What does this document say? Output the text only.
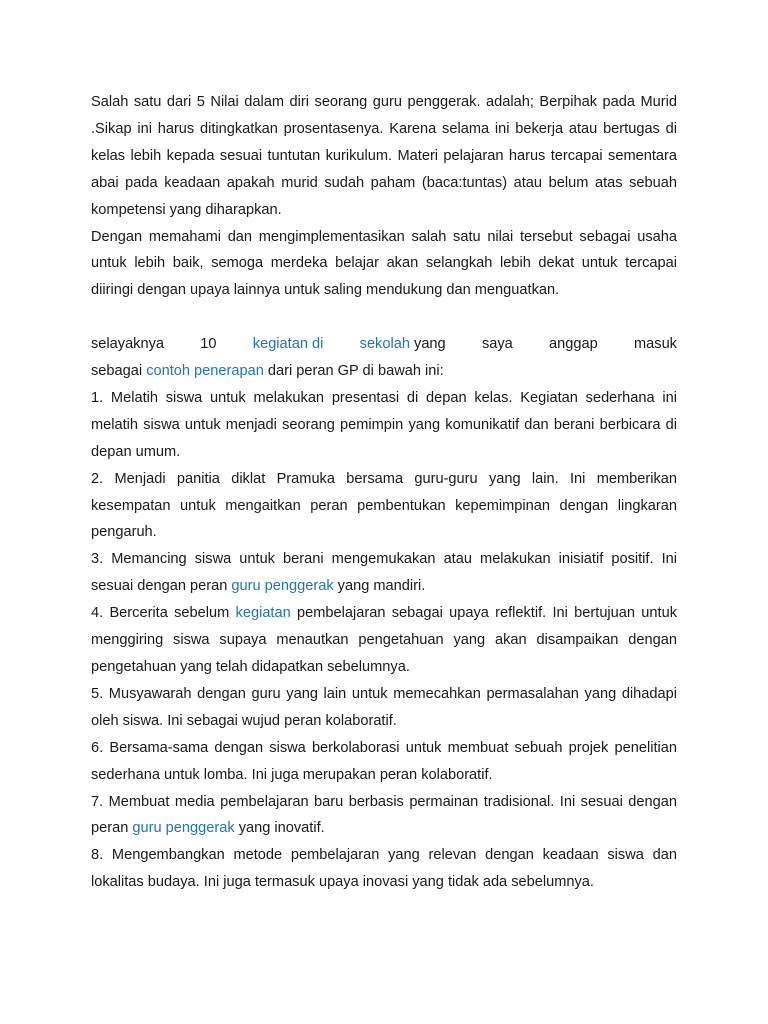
Salah satu dari 5 Nilai dalam diri seorang guru penggerak. adalah; Berpihak pada Murid .Sikap ini harus ditingkatkan prosentasenya. Karena selama ini bekerja atau bertugas di kelas lebih kepada sesuai tuntutan kurikulum. Materi pelajaran harus tercapai sementara abai pada keadaan apakah murid sudah paham (baca:tuntas) atau belum atas sebuah kompetensi yang diharapkan.

Dengan memahami dan mengimplementasikan salah satu nilai tersebut sebagai usaha untuk lebih baik, semoga merdeka belajar akan selangkah lebih dekat untuk tercapai diiringi dengan upaya lainnya untuk saling mendukung dan menguatkan.

selayaknya 10 kegiatan di sekolah yang saya anggap masuk
sebagai contoh penerapan dari peran GP di bawah ini:

1. Melatih siswa untuk melakukan presentasi di depan kelas. Kegiatan sederhana ini melatih siswa untuk menjadi seorang pemimpin yang komunikatif dan berani berbicara di depan umum.

2. Menjadi panitia diklat Pramuka bersama guru-guru yang lain. Ini memberikan kesempatan untuk mengaitkan peran pembentukan kepemimpinan dengan lingkaran pengaruh.

3. Memancing siswa untuk berani mengemukakan atau melakukan inisiatif positif. Ini sesuai dengan peran guru penggerak yang mandiri.

4. Bercerita sebelum kegiatan pembelajaran sebagai upaya reflektif. Ini bertujuan untuk menggiring siswa supaya menautkan pengetahuan yang akan disampaikan dengan pengetahuan yang telah didapatkan sebelumnya.

5. Musyawarah dengan guru yang lain untuk memecahkan permasalahan yang dihadapi oleh siswa. Ini sebagai wujud peran kolaboratif.

6. Bersama-sama dengan siswa berkolaborasi untuk membuat sebuah projek penelitian sederhana untuk lomba. Ini juga merupakan peran kolaboratif.

7. Membuat media pembelajaran baru berbasis permainan tradisional. Ini sesuai dengan peran guru penggerak yang inovatif.

8. Mengembangkan metode pembelajaran yang relevan dengan keadaan siswa dan lokalitas budaya. Ini juga termasuk upaya inovasi yang tidak ada sebelumnya.
